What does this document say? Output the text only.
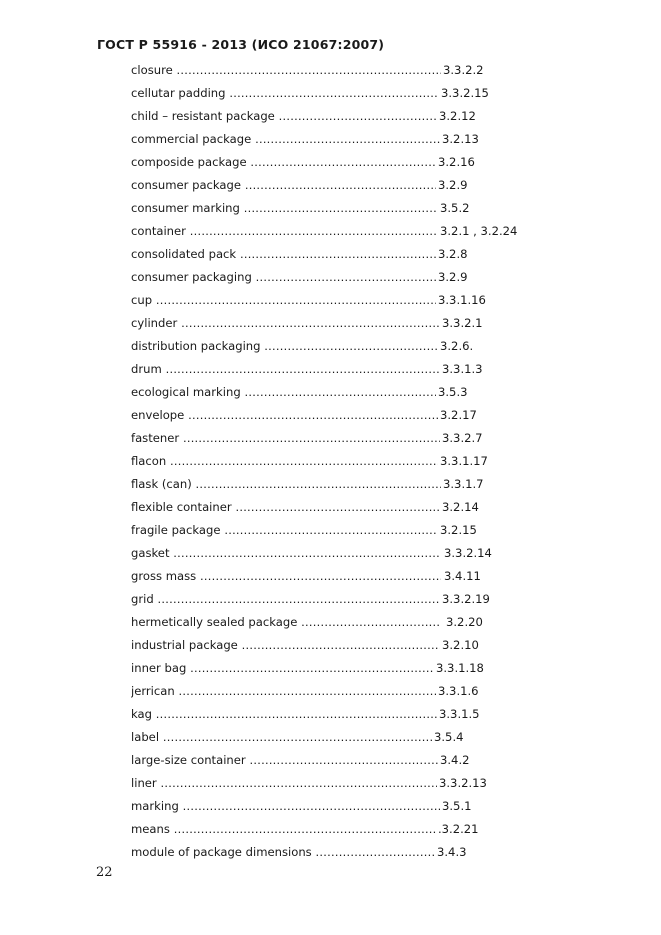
ГОСТ Р 55916 - 2013 (ИСО 21067:2007)
closure ……………………………………………………………………………………………………	3.3.2.2
cellutar padding ……………………………………………………………………………………………………	3.3.2.15
child – resistant package ……………………………………………………………………………………………………	3.2.12
commercial package ……………………………………………………………………………………………………	3.2.13
composide package ……………………………………………………………………………………………………	3.2.16
consumer package ……………………………………………………………………………………………………	3.2.9
consumer marking ……………………………………………………………………………………………………	3.5.2
container ……………………………………………………………………………………………………	3.2.1 , 3.2.24
consolidated pack ……………………………………………………………………………………………………	3.2.8
consumer packaging ……………………………………………………………………………………………………	3.2.9
cup ……………………………………………………………………………………………………	3.3.1.16
cylinder ……………………………………………………………………………………………………	3.3.2.1
distribution packaging ……………………………………………………………………………………………………	3.2.6.
drum ……………………………………………………………………………………………………	3.3.1.3
ecological marking ……………………………………………………………………………………………………	3.5.3
envelope ……………………………………………………………………………………………………	3.2.17
fastener ……………………………………………………………………………………………………	3.3.2.7
flacon ……………………………………………………………………………………………………	3.3.1.17
flask (can) ……………………………………………………………………………………………………	3.3.1.7
flexible container ……………………………………………………………………………………………………	3.2.14
fragile package ……………………………………………………………………………………………………	3.2.15
gasket ……………………………………………………………………………………………………	3.3.2.14
gross mass ……………………………………………………………………………………………………	3.4.11
grid ……………………………………………………………………………………………………	3.3.2.19
hermetically sealed package ……………………………………………………………………………………………………	3.2.20
industrial package ……………………………………………………………………………………………………	3.2.10
inner bag ……………………………………………………………………………………………………	3.3.1.18
jerrican ……………………………………………………………………………………………………	3.3.1.6
kag ……………………………………………………………………………………………………	3.3.1.5
label ……………………………………………………………………………………………………	3.5.4
large-size container ……………………………………………………………………………………………………	3.4.2
liner ……………………………………………………………………………………………………	3.3.2.13
marking ……………………………………………………………………………………………………	3.5.1
means ……………………………………………………………………………………………………	.3.2.21
module of package dimensions ……………………………………………………………………………………………………	3.4.3
22
